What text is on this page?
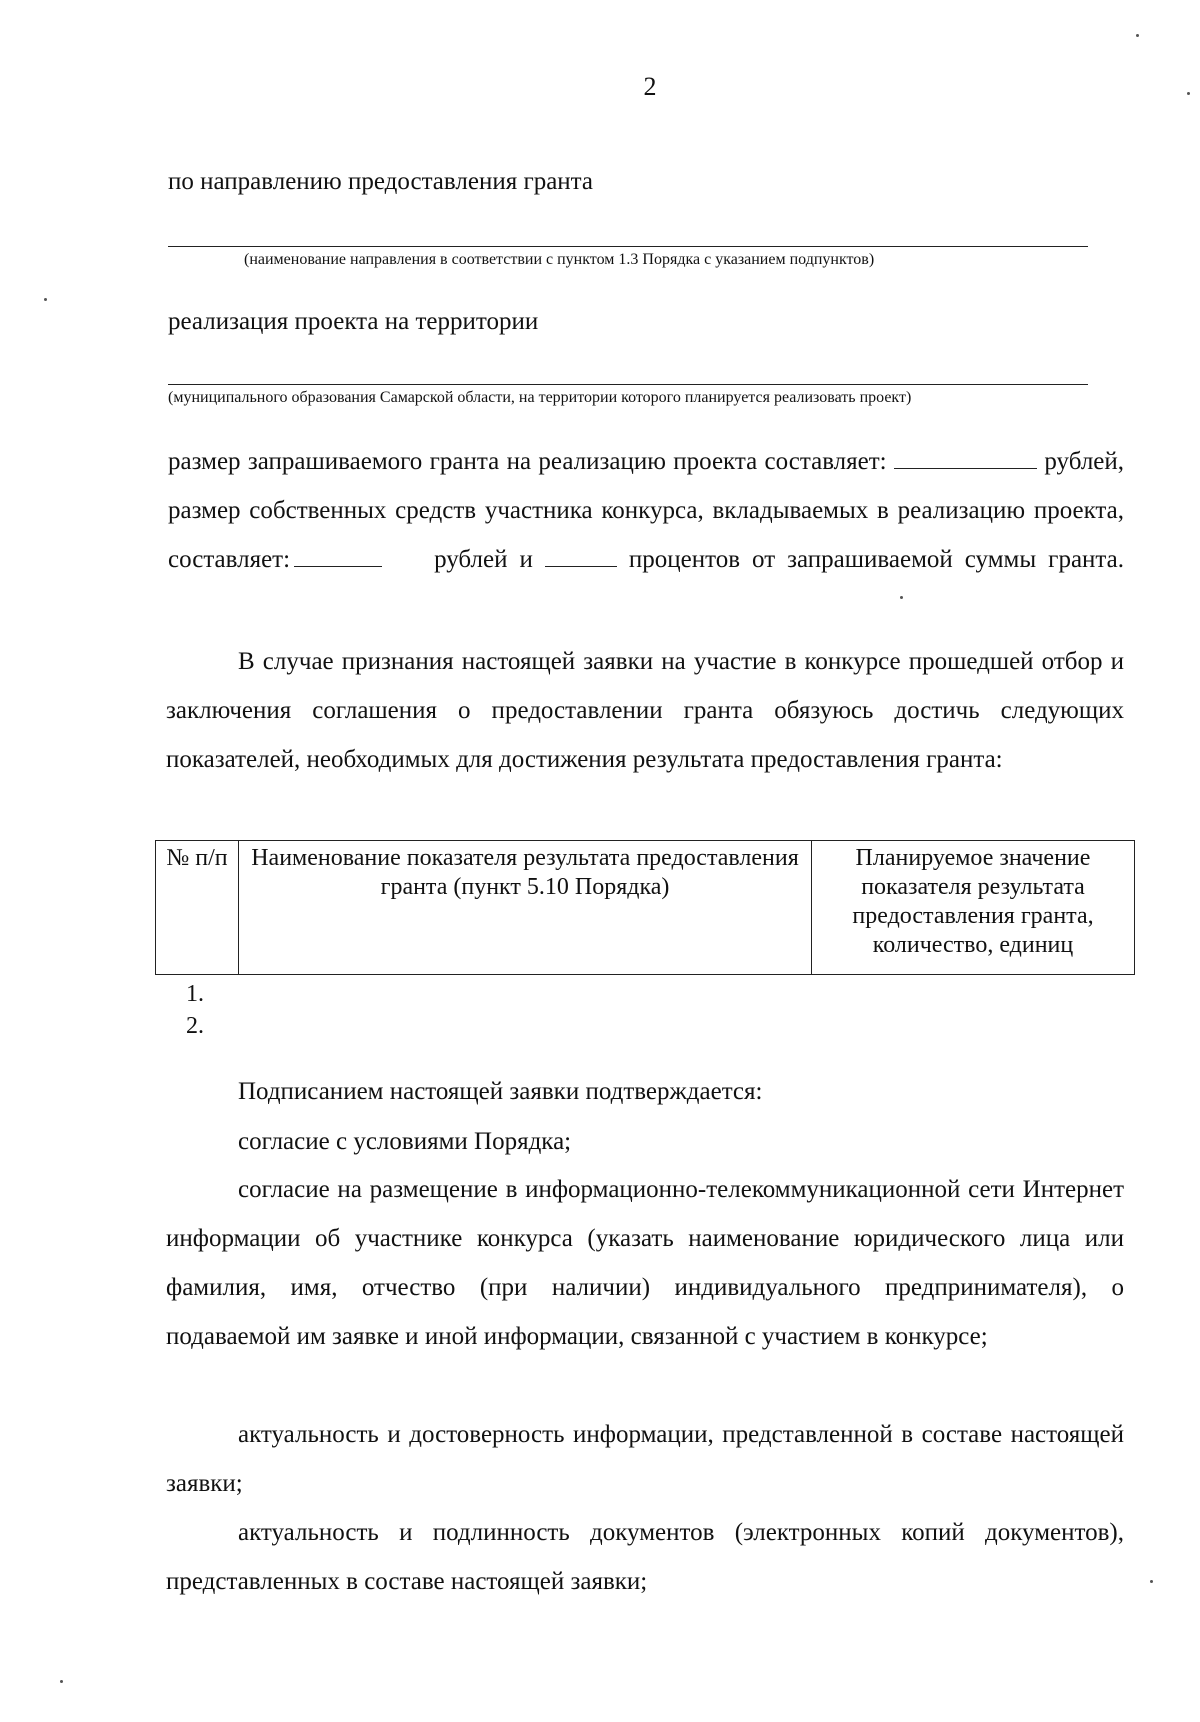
2
по направлению предоставления гранта
(наименование направления в соответствии с пунктом 1.3 Порядка с указанием подпунктов)
реализация проекта на территории
(муниципального образования Самарской области, на территории которого планируется реализовать проект)
размер запрашиваемого гранта на реализацию проекта составляет:	рублей, размер собственных средств участника конкурса, вкладываемых в реализацию проекта, составляет:	рублей и	процентов от запрашиваемой суммы гранта.
В случае признания настоящей заявки на участие в конкурсе прошедшей отбор и заключения соглашения о предоставлении гранта обязуюсь достичь следующих показателей, необходимых для достижения результата предоставления гранта:
№ п/п	Наименование показателя результата предоставления гранта (пункт 5.10 Порядка)	Планируемое значение показателя результата предоставления гранта, количество, единиц
1.
2.
Подписанием настоящей заявки подтверждается:
согласие с условиями Порядка;
согласие на размещение в информационно-телекоммуникационной сети Интернет информации об участнике конкурса (указать наименование юридического лица или фамилия, имя, отчество (при наличии) индивидуального предпринимателя), о подаваемой им заявке и иной информации, связанной с участием в конкурсе;
актуальность и достоверность информации, представленной в составе настоящей заявки;
актуальность и подлинность документов (электронных копий документов), представленных в составе настоящей заявки;
